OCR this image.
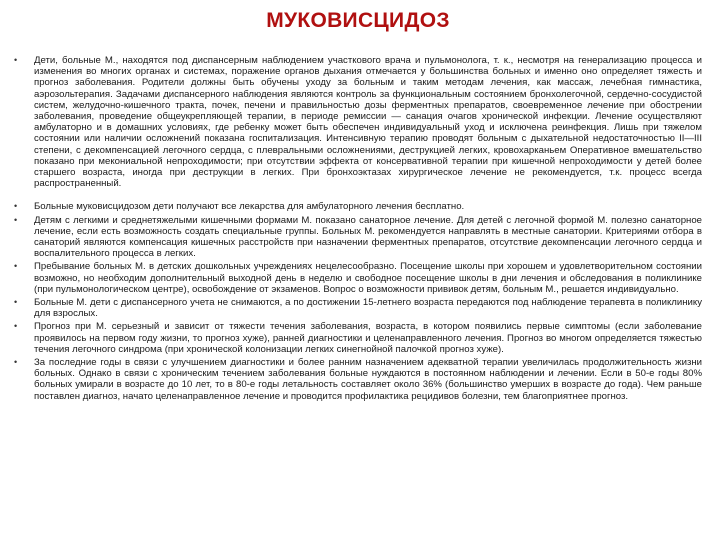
МУКОВИСЦИДОЗ
•	Дети, больные М., находятся под диспансерным наблюдением участкового врача и пульмонолога, т. к., несмотря на генерализацию процесса и изменения во многих органах и системах, поражение органов дыхания отмечается у большинства больных и именно оно определяет тяжесть и прогноз заболевания. Родители должны быть обучены уходу за больным и таким методам лечения, как массаж, лечебная гимнастика, аэрозольтерапия. Задачами диспансерного наблюдения являются контроль за функциональным состоянием бронхолегочной, сердечно-сосудистой систем, желудочно-кишечного тракта, почек, печени и правильностью дозы ферментных препаратов, своевременное лечение при обострении заболевания, проведение общеукрепляющей терапии, в периоде ремиссии — санация очагов хронической инфекции. Лечение осуществляют амбулаторно и в домашних условиях, где ребенку может быть обеспечен индивидуальный уход и исключена реинфекция. Лишь при тяжелом состоянии или наличии осложнений показана госпитализация. Интенсивную терапию проводят больным с дыхательной недостаточностью II—III степени, с декомпенсацией легочного сердца, с плевральными осложнениями, деструкцией легких, кровохарканьем Оперативное вмешательство показано при мекониальной непроходимости; при отсутствии эффекта от консервативной терапии при кишечной непроходимости у детей более старшего возраста, иногда при деструкции в легких. При бронхоэктазах хирургическое лечение не рекомендуется, т.к. процесс всегда распространенный.
•	Больные муковисцидозом дети получают все лекарства для амбулаторного лечения бесплатно.
•	Детям с легкими и среднетяжелыми кишечными формами М. показано санаторное лечение. Для детей с легочной формой М. полезно санаторное лечение, если есть возможность создать специальные группы. Больных М. рекомендуется направлять в местные санатории. Критериями отбора в санаторий являются компенсация кишечных расстройств при назначении ферментных препаратов, отсутствие декомпенсации легочного сердца и воспалительного процесса в легких.
•	Пребывание больных М. в детских дошкольных учреждениях нецелесообразно. Посещение школы при хорошем и удовлетворительном состоянии возможно, но необходим дополнительный выходной день в неделю и свободное посещение школы в дни лечения и обследования в поликлинике (при пульмонологическом центре), освобождение от экзаменов. Вопрос о возможности прививок детям, больным М., решается индивидуально.
•	Больные М. дети с диспансерного учета не снимаются, а по достижении 15-летнего возраста передаются под наблюдение терапевта в поликлинику для взрослых.
•	Прогноз при М. серьезный и зависит от тяжести течения заболевания, возраста, в котором появились первые симптомы (если заболевание проявилось на первом году жизни, то прогноз хуже), ранней диагностики и целенаправленного лечения. Прогноз во многом определяется тяжестью течения легочного синдрома (при хронической колонизации легких синегнойной палочкой прогноз хуже).
•	За последние годы в связи с улучшением диагностики и более ранним назначением адекватной терапии увеличилась продолжительность жизни больных. Однако в связи с хроническим течением заболевания больные нуждаются в постоянном наблюдении и лечении. Если в 50-е годы 80% больных умирали в возрасте до 10 лет, то в 80-е годы летальность составляет около 36% (большинство умерших в возрасте до года). Чем раньше поставлен диагноз, начато целенаправленное лечение и проводится профилактика рецидивов болезни, тем благоприятнее прогноз.
